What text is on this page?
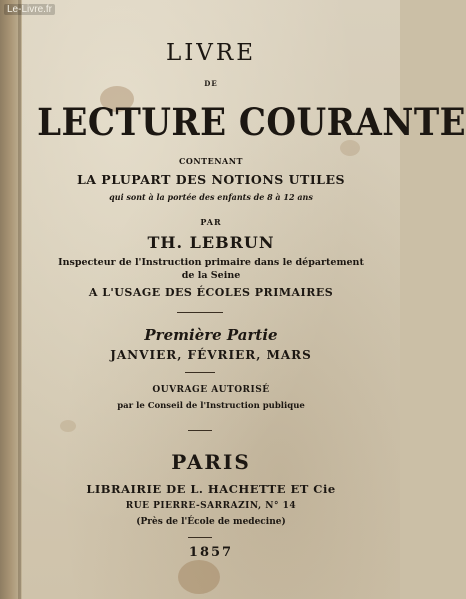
Le-Livre.fr
LIVRE
DE
LECTURE COURANTE
CONTENANT
LA PLUPART DES NOTIONS UTILES
qui sont à la portée des enfants de 8 à 12 ans
PAR
TH. LEBRUN
Inspecteur de l'Instruction primaire dans le département
de la Seine
A L'USAGE DES ÉCOLES PRIMAIRES
Première Partie
JANVIER, FÉVRIER, MARS
OUVRAGE AUTORISÉ
par le Conseil de l'Instruction publique
PARIS
LIBRAIRIE DE L. HACHETTE ET Cie
RUE PIERRE-SARRAZIN, N° 14
(Près de l'École de medecine)
1857
